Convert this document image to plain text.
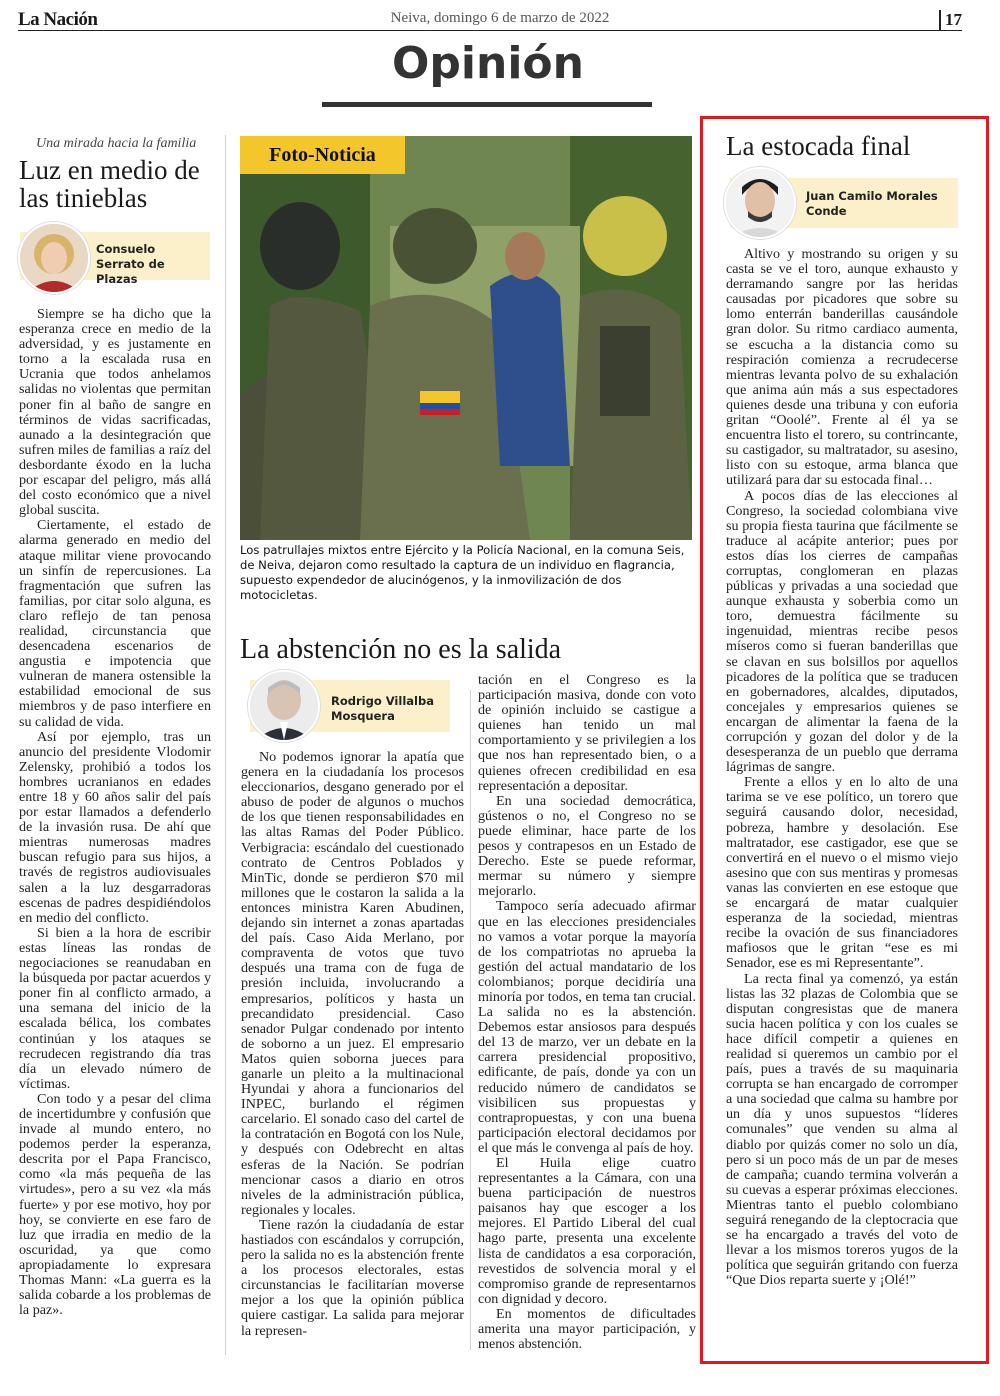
La Nación	Neiva, domingo 6 de marzo de 2022	17
Opinión
Una mirada hacia la familia
Luz en medio de las tinieblas
Consuelo Serrato de Plazas

Siempre se ha dicho que la esperanza crece en medio de la adversidad, y es justamente en torno a la escalada rusa en Ucrania que todos anhelamos salidas no violentas que permitan poner fin al baño de sangre en términos de vidas sacrificadas, aunado a la desintegración que sufren miles de familias a raíz del desbordante éxodo en la lucha por escapar del peligro, más allá del costo económico que a nivel global suscita.

Ciertamente, el estado de alarma generado en medio del ataque militar viene provocando un sinfín de repercusiones. La fragmentación que sufren las familias, por citar solo alguna, es claro reflejo de tan penosa realidad, circunstancia que desencadena escenarios de angustia e impotencia que vulneran de manera ostensible la estabilidad emocional de sus miembros y de paso interfiere en su calidad de vida.

Así por ejemplo, tras un anuncio del presidente Vlodomir Zelensky, prohibió a todos los hombres ucranianos en edades entre 18 y 60 años salir del país por estar llamados a defenderlo de la invasión rusa. De ahí que mientras numerosas madres buscan refugio para sus hijos, a través de registros audiovisuales salen a la luz desgarradoras escenas de padres despidiéndolos en medio del conflicto.

Si bien a la hora de escribir estas líneas las rondas de negociaciones se reanudaban en la búsqueda por pactar acuerdos y poner fin al conflicto armado, a una semana del inicio de la escalada bélica, los combates continúan y los ataques se recrudecen registrando día tras día un elevado número de víctimas.

Con todo y a pesar del clima de incertidumbre y confusión que invade al mundo entero, no podemos perder la esperanza, descrita por el Papa Francisco, como «la más pequeña de las virtudes», pero a su vez «la más fuerte» y por ese motivo, hoy por hoy, se convierte en ese faro de luz que irradia en medio de la oscuridad, ya que como apropiadamente lo expresara Thomas Mann: «La guerra es la salida cobarde a los problemas de la paz».

Foto-Noticia
Los patrullajes mixtos entre Ejército y la Policía Nacional, en la comuna Seis, de Neiva, dejaron como resultado la captura de un individuo en flagrancia, supuesto expendedor de alucinógenos, y la inmovilización de dos motocicletas.
La abstención no es la salida
Rodrigo Villalba Mosquera

No podemos ignorar la apatía que genera en la ciudadanía los procesos eleccionarios, desgano generado por el abuso de poder de algunos o muchos de los que tienen responsabilidades en las altas Ramas del Poder Público. Verbigracia: escándalo del cuestionado contrato de Centros Poblados y MinTic, donde se perdieron $70 mil millones que le costaron la salida a la entonces ministra Karen Abudinen, dejando sin internet a zonas apartadas del país. Caso Aida Merlano, por compraventa de votos que tuvo después una trama con de fuga de presión incluida, involucrando a empresarios, políticos y hasta un precandidato presidencial. Caso senador Pulgar condenado por intento de soborno a un juez. El empresario Matos quien soborna jueces para ganarle un pleito a la multinacional Hyundai y ahora a funcionarios del INPEC, burlando el régimen carcelario. El sonado caso del cartel de la contratación en Bogotá con los Nule, y después con Odebrecht en altas esferas de la Nación. Se podrían mencionar casos a diario en otros niveles de la administración pública, regionales y locales.

Tiene razón la ciudadanía de estar hastiados con escándalos y corrupción, pero la salida no es la abstención frente a los procesos electorales, estas circunstancias le facilitarían moverse mejor a los que la opinión pública quiere castigar. La salida para mejorar la represen-

tación en el Congreso es la participación masiva, donde con voto de opinión incluido se castigue a quienes han tenido un mal comportamiento y se privilegien a los que nos han representado bien, o a quienes ofrecen credibilidad en esa representación a depositar.

En una sociedad democrática, gústenos o no, el Congreso no se puede eliminar, hace parte de los pesos y contrapesos en un Estado de Derecho. Este se puede reformar, mermar su número y siempre mejorarlo.

Tampoco sería adecuado afirmar que en las elecciones presidenciales no vamos a votar porque la mayoría de los compatriotas no aprueba la gestión del actual mandatario de los colombianos; porque decidiría una minoría por todos, en tema tan crucial. La salida no es la abstención. Debemos estar ansiosos para después del 13 de marzo, ver un debate en la carrera presidencial propositivo, edificante, de país, donde ya con un reducido número de candidatos se visibilicen sus propuestas y contrapropuestas, y con una buena participación electoral decidamos por el que más le convenga al país de hoy.

El Huila elige cuatro representantes a la Cámara, con una buena participación de nuestros paisanos hay que escoger a los mejores. El Partido Liberal del cual hago parte, presenta una excelente lista de candidatos a esa corporación, revestidos de solvencia moral y el compromiso grande de representarnos con dignidad y decoro.

En momentos de dificultades amerita una mayor participación, y menos abstención.

La estocada final
Juan Camilo Morales Conde

Altivo y mostrando su origen y su casta se ve el toro, aunque exhausto y derramando sangre por las heridas causadas por picadores que sobre su lomo enterrán banderillas causándole gran dolor. Su ritmo cardiaco aumenta, se escucha a la distancia como su respiración comienza a recrudecerse mientras levanta polvo de su exhalación que anima aún más a sus espectadores quienes desde una tribuna y con euforia gritan “Ooolé”. Frente al él ya se encuentra listo el torero, su contrincante, su castigador, su maltratador, su asesino, listo con su estoque, arma blanca que utilizará para dar su estocada final…

A pocos días de las elecciones al Congreso, la sociedad colombiana vive su propia fiesta taurina que fácilmente se traduce al acápite anterior; pues por estos días los cierres de campañas corruptas, conglomeran en plazas públicas y privadas a una sociedad que aunque exhausta y soberbia como un toro, demuestra fácilmente su ingenuidad, mientras recibe pesos míseros como si fueran banderillas que se clavan en sus bolsillos por aquellos picadores de la política que se traducen en gobernadores, alcaldes, diputados, concejales y empresarios quienes se encargan de alimentar la faena de la corrupción y gozan del dolor y de la desesperanza de un pueblo que derrama lágrimas de sangre.

Frente a ellos y en lo alto de una tarima se ve ese político, un torero que seguirá causando dolor, necesidad, pobreza, hambre y desolación. Ese maltratador, ese castigador, ese que se convertirá en el nuevo o el mismo viejo asesino que con sus mentiras y promesas vanas las convierten en ese estoque que se encargará de matar cualquier esperanza de la sociedad, mientras recibe la ovación de sus financiadores mafiosos que le gritan “ese es mi Senador, ese es mi Representante”.

La recta final ya comenzó, ya están listas las 32 plazas de Colombia que se disputan congresistas que de manera sucia hacen política y con los cuales se hace difícil competir a quienes en realidad si queremos un cambio por el país, pues a través de su maquinaria corrupta se han encargado de corromper a una sociedad que calma su hambre por un día y unos supuestos “líderes comunales” que venden su alma al diablo por quizás comer no solo un día, pero si un poco más de un par de meses de campaña; cuando termina volverán a su cuevas a esperar próximas elecciones. Mientras tanto el pueblo colombiano seguirá renegando de la cleptocracia que se ha encargado a través del voto de llevar a los mismos toreros yugos de la política que seguirán gritando con fuerza “Que Dios reparta suerte y ¡Olé!”
